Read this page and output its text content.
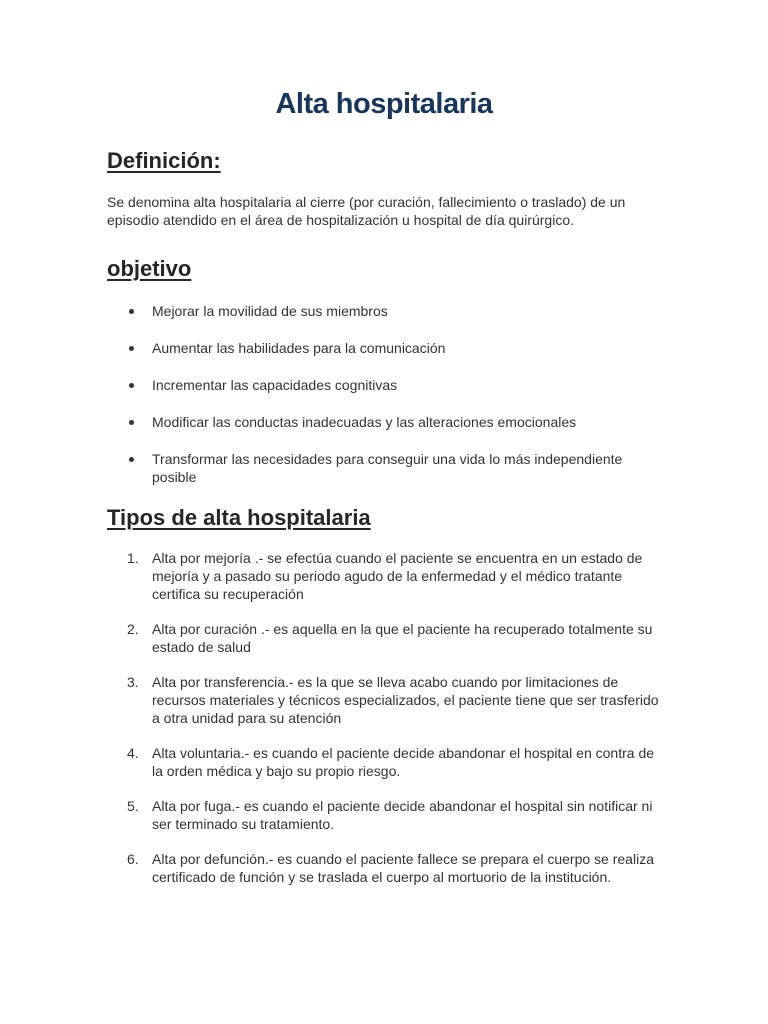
Alta hospitalaria
Definición:

Se denomina alta hospitalaria al cierre (por curación, fallecimiento o traslado) de un episodio atendido en el área de hospitalización u hospital de día quirúrgico.

objetivo
Mejorar la movilidad de sus miembros
Aumentar las habilidades para la comunicación
Incrementar las capacidades cognitivas
Modificar las conductas inadecuadas y las alteraciones emocionales
Transformar las necesidades para conseguir una vida lo más independiente posible
Tipos de alta hospitalaria
1. Alta por mejoría .- se efectúa cuando el paciente se encuentra en un estado de mejoría y a pasado su periodo agudo de la enfermedad y el médico tratante certifica su recuperación
2. Alta por curación .- es aquella en la que el paciente ha recuperado totalmente su estado de salud
3. Alta por transferencia.- es la que se lleva acabo cuando por limitaciones de recursos materiales y técnicos especializados, el paciente tiene que ser trasferido a otra unidad para su atención
4. Alta voluntaria.- es cuando el paciente decide abandonar el hospital en contra de la orden médica y bajo su propio riesgo.
5. Alta por fuga.- es cuando el paciente decide abandonar el hospital sin notificar ni ser terminado su tratamiento.
6. Alta por defunción.- es cuando el paciente fallece se prepara el cuerpo se realiza certificado de función y se traslada el cuerpo al mortuorio de la institución.
